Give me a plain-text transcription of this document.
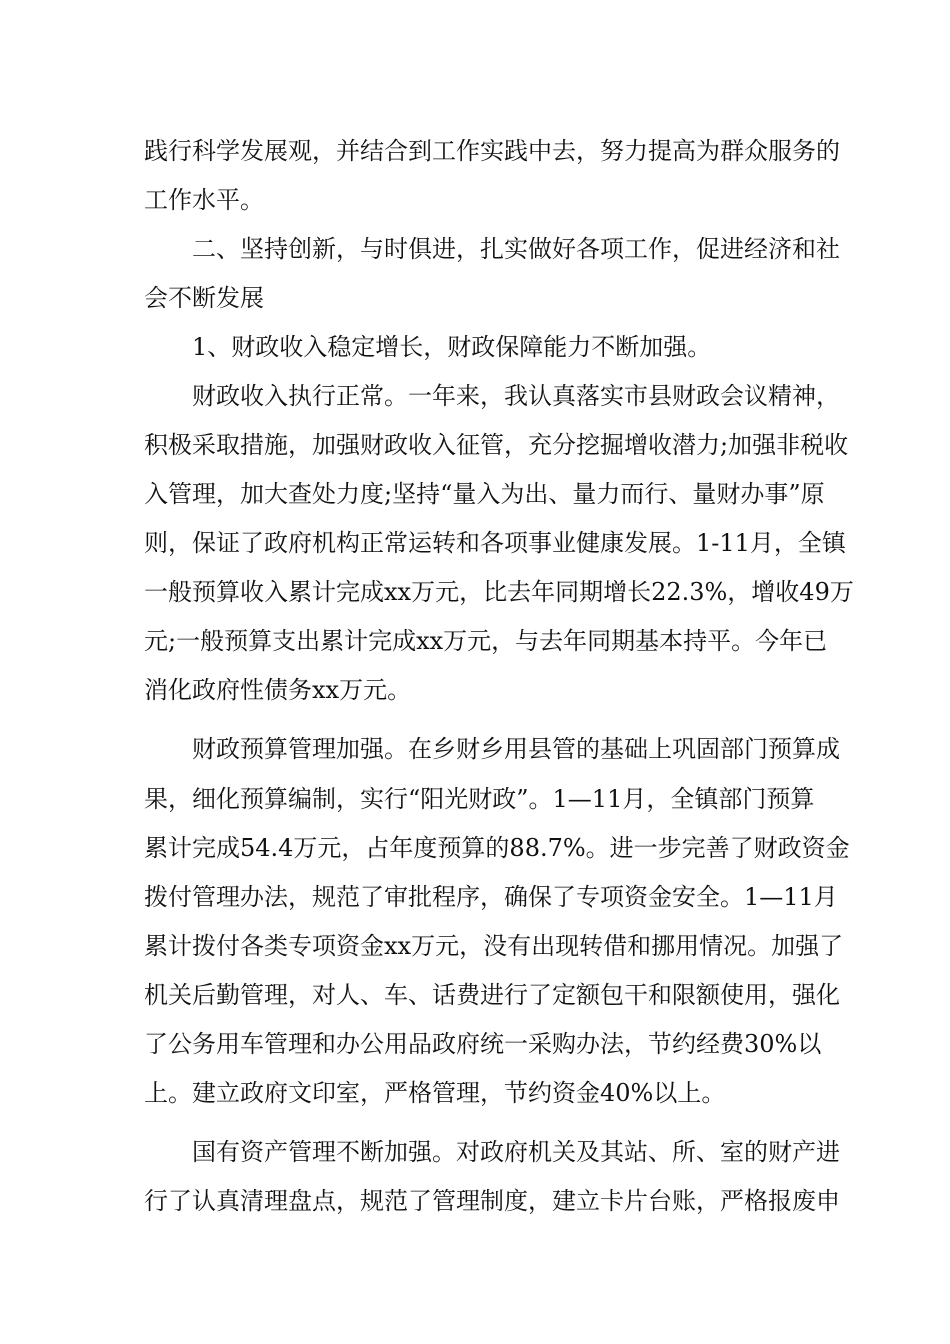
践行科学发展观，并结合到工作实践中去，努力提高为群众服务的
工作水平。
二、坚持创新，与时俱进，扎实做好各项工作，促进经济和社
会不断发展
1、财政收入稳定增长，财政保障能力不断加强。
财政收入执行正常。一年来，我认真落实市县财政会议精神，
积极采取措施，加强财政收入征管，充分挖掘增收潜力;加强非税收
入管理，加大查处力度;坚持“量入为出、量力而行、量财办事”原
则，保证了政府机构正常运转和各项事业健康发展。1-11月，全镇
一般预算收入累计完成xx万元，比去年同期增长22.3%，增收49万
元;一般预算支出累计完成xx万元，与去年同期基本持平。今年已
消化政府性债务xx万元。
财政预算管理加强。在乡财乡用县管的基础上巩固部门预算成
果，细化预算编制，实行“阳光财政”。1—11月，全镇部门预算
累计完成54.4万元，占年度预算的88.7%。进一步完善了财政资金
拨付管理办法，规范了审批程序，确保了专项资金安全。1—11月
累计拨付各类专项资金xx万元，没有出现转借和挪用情况。加强了
机关后勤管理，对人、车、话费进行了定额包干和限额使用，强化
了公务用车管理和办公用品政府统一采购办法，节约经费30%以
上。建立政府文印室，严格管理，节约资金40%以上。
国有资产管理不断加强。对政府机关及其站、所、室的财产进
行了认真清理盘点，规范了管理制度，建立卡片台账，严格报废申
